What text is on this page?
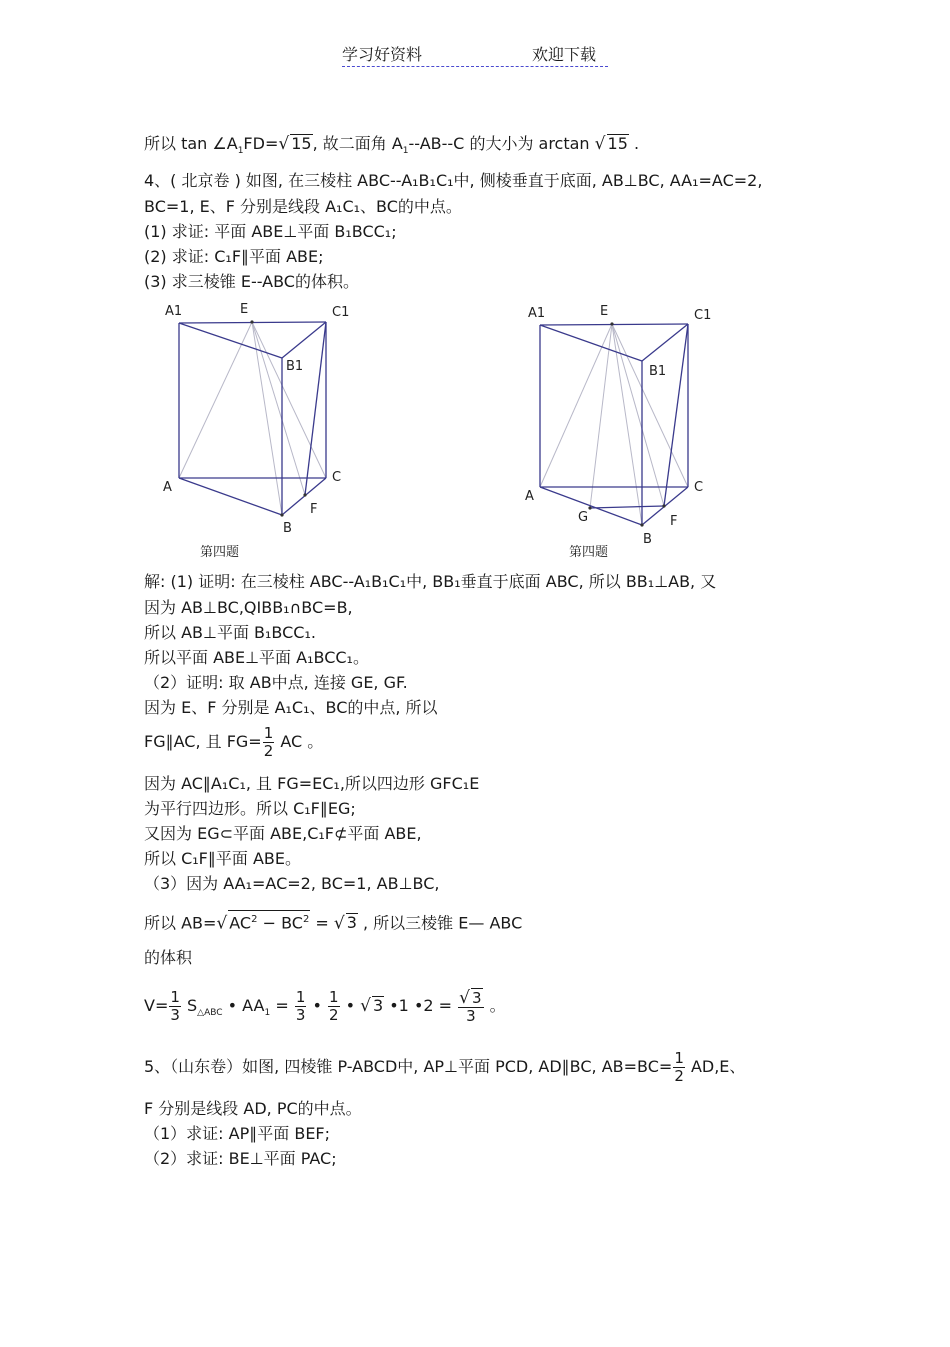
学习好资料	欢迎下载
所以 $\tan \angle A_1FD=√$ 15, 故二面角 $A_1--AB--C$ 的大小为 arctan √ 15 .
4、( 北京卷 ) 如图, 在三棱柱 ABC--A₁B₁C₁中, 侧棱垂直于底面, AB⊥BC, AA₁=AC=2,
BC=1, E、F 分别是线段 A₁C₁、BC的中点。
(1) 求证: 平面 ABE⊥平面 B₁BCC₁;
(2) 求证: C₁F∥平面 ABE;
(3) 求三棱锥 E--ABC的体积。
A1	E	C1
B1
A
C
F
B
第四题
A1	E	C1
B1
A
C
G	F
B
第四题
解: (1) 证明: 在三棱柱 ABC--A₁B₁C₁中, BB₁垂直于底面 ABC, 所以 BB₁⊥AB, 又
因为 AB⊥BC,QIBB₁∩BC=B,
所以 AB⊥平面 B₁BCC₁.
所以平面 ABE⊥平面 A₁BCC₁。
（2）证明: 取 AB中点, 连接 GE, GF.
因为 E、F 分别是 A₁C₁、BC的中点, 所以
FG∥AC, 且 $FG= \frac{1}{2}$ AC 。
因为 AC∥A₁C₁, 且 FG=EC₁,所以四边形 GFC₁E
为平行四边形。所以 C₁F∥EG;
又因为 EG⊂平面 ABE,C₁F⊄平面 ABE,
所以 C₁F∥平面 ABE。
（3）因为 AA₁=AC=2, BC=1, AB⊥BC,
所以 AB=√ $AC^2 - BC^2$ = √ 3 , 所以三棱锥 E— ABC
的体积
$V= \frac{1}{3} S_{\triangle ABC}$ • $AA_1 = \frac{1}{3}$ • $\frac{1}{2}$ • √ 3 •1 •2 = $\frac{√ 3}{3}$ 。
5、（山东卷）如图, 四棱锥 P-ABCD中, AP⊥平面 PCD, AD∥BC, $AB=BC= \frac{1}{2} AD,E$、
F 分别是线段 AD, PC的中点。
（1）求证: AP∥平面 BEF;
（2）求证: BE⊥平面 PAC;
